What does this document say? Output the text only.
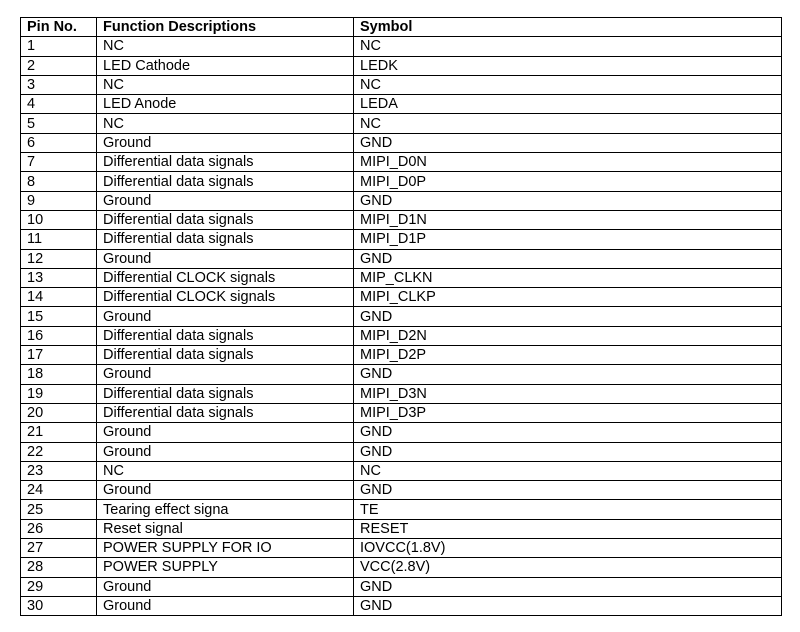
Pin No.	Function Descriptions	Symbol
1	NC	NC
2	LED Cathode	LEDK
3	NC	NC
4	LED Anode	LEDA
5	NC	NC
6	Ground	GND
7	Differential data signals	MIPI_D0N
8	Differential data signals	MIPI_D0P
9	Ground	GND
10	Differential data signals	MIPI_D1N
11	Differential data signals	MIPI_D1P
12	Ground	GND
13	Differential CLOCK signals	MIP_CLKN
14	Differential CLOCK signals	MIPI_CLKP
15	Ground	GND
16	Differential data signals	MIPI_D2N
17	Differential data signals	MIPI_D2P
18	Ground	GND
19	Differential data signals	MIPI_D3N
20	Differential data signals	MIPI_D3P
21	Ground	GND
22	Ground	GND
23	NC	NC
24	Ground	GND
25	Tearing effect signa	TE
26	Reset signal	RESET
27	POWER SUPPLY FOR IO	IOVCC(1.8V)
28	POWER SUPPLY	VCC(2.8V)
29	Ground	GND
30	Ground	GND
